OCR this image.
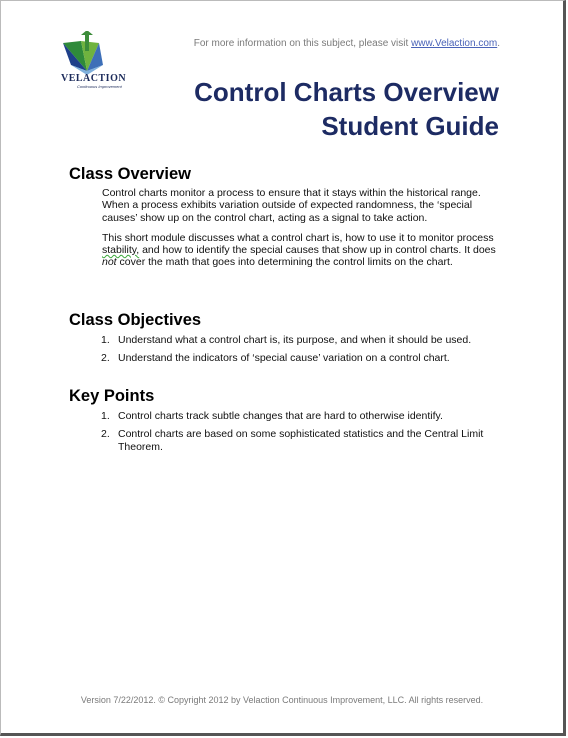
VELACTION
Continuous Improvement
For more information on this subject, please visit www.Velaction.com.
Control Charts Overview
Student Guide
Class Overview

Control charts monitor a process to ensure that it stays within the historical range. When a process exhibits variation outside of expected randomness, the ‘special causes’ show up on the control chart, acting as a signal to take action.

This short module discusses what a control chart is, how to use it to monitor process stability, and how to identify the special causes that show up in control charts. It does not cover the math that goes into determining the control limits on the chart.

Class Objectives
1. Understand what a control chart is, its purpose, and when it should be used.
2. Understand the indicators of ‘special cause’ variation on a control chart.
Key Points
1. Control charts track subtle changes that are hard to otherwise identify.
2. Control charts are based on some sophisticated statistics and the Central Limit Theorem.
Version 7/22/2012. © Copyright 2012 by Velaction Continuous Improvement, LLC. All rights reserved.
